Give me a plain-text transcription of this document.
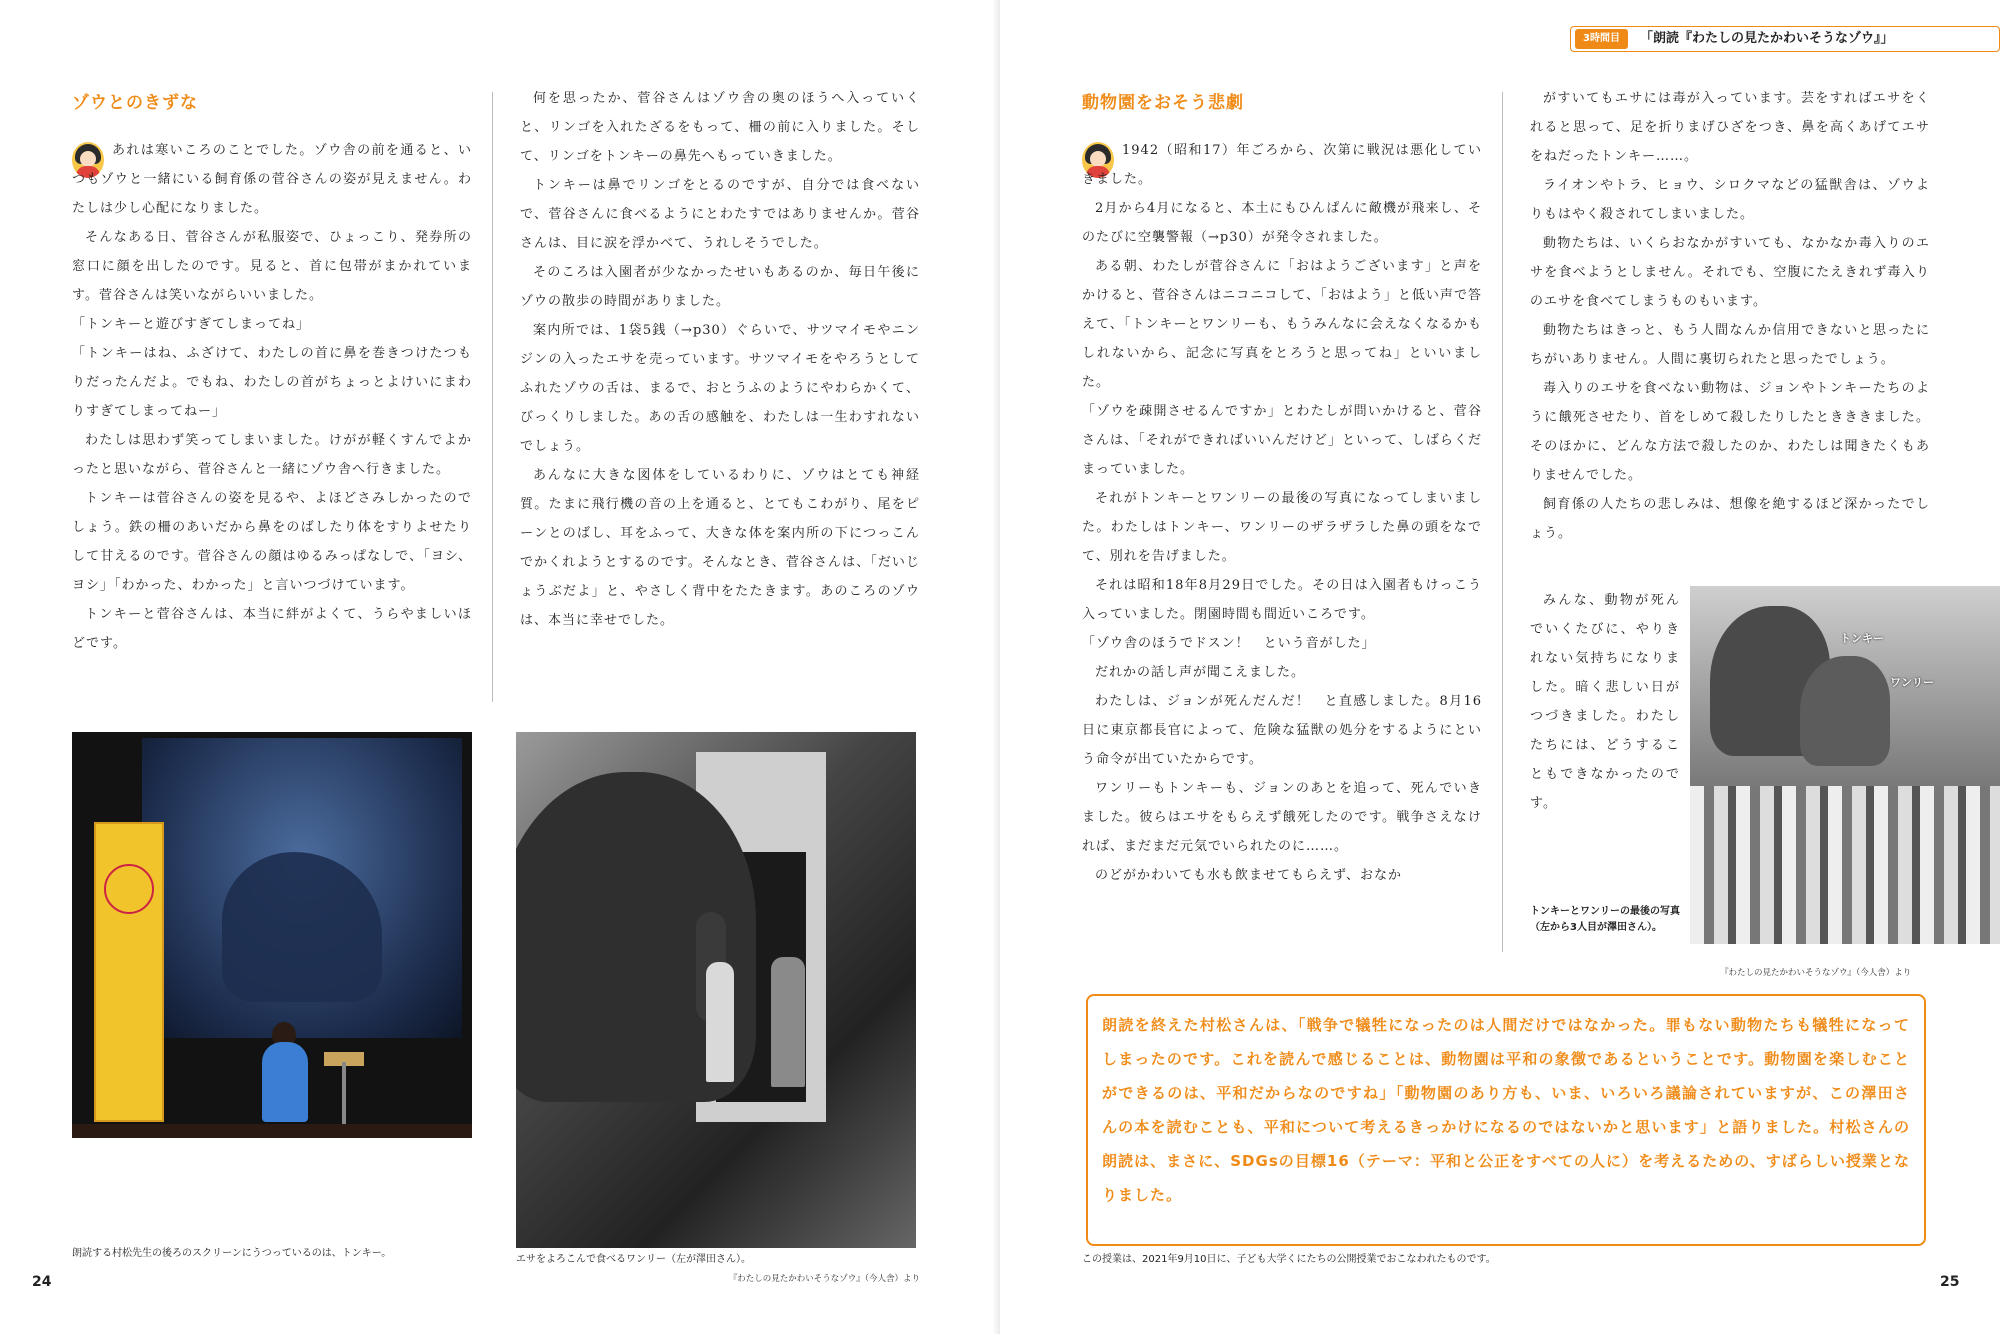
ゾウとのきずな

あれは寒いころのことでした。ゾウ舎の前を通ると、いつもゾウと一緒にいる飼育係の菅谷さんの姿が見えません。わたしは少し心配になりました。

そんなある日、菅谷さんが私服姿で、ひょっこり、発券所の窓口に顔を出したのです。見ると、首に包帯がまかれています。菅谷さんは笑いながらいいました。

「トンキーと遊びすぎてしまってね」

「トンキーはね、ふざけて、わたしの首に鼻を巻きつけたつもりだったんだよ。でもね、わたしの首がちょっとよけいにまわりすぎてしまってねー」

わたしは思わず笑ってしまいました。けがが軽くすんでよかったと思いながら、菅谷さんと一緒にゾウ舎へ行きました。

トンキーは菅谷さんの姿を見るや、よほどさみしかったのでしょう。鉄の柵のあいだから鼻をのばしたり体をすりよせたりして甘えるのです。菅谷さんの顔はゆるみっぱなしで、「ヨシ、ヨシ」「わかった、わかった」と言いつづけています。

トンキーと菅谷さんは、本当に絆がよくて、うらやましいほどです。

何を思ったか、菅谷さんはゾウ舎の奥のほうへ入っていくと、リンゴを入れたざるをもって、柵の前に入りました。そして、リンゴをトンキーの鼻先へもっていきました。

トンキーは鼻でリンゴをとるのですが、自分では食べないで、菅谷さんに食べるようにとわたすではありませんか。菅谷さんは、目に涙を浮かべて、うれしそうでした。

そのころは入園者が少なかったせいもあるのか、毎日午後にゾウの散歩の時間がありました。

案内所では、1袋5銭（→p30）ぐらいで、サツマイモやニンジンの入ったエサを売っています。サツマイモをやろうとしてふれたゾウの舌は、まるで、おとうふのようにやわらかくて、びっくりしました。あの舌の感触を、わたしは一生わすれないでしょう。

あんなに大きな図体をしているわりに、ゾウはとても神経質。たまに飛行機の音の上を通ると、とてもこわがり、尾をピーンとのばし、耳をふって、大きな体を案内所の下につっこんでかくれようとするのです。そんなとき、菅谷さんは、「だいじょうぶだよ」と、やさしく背中をたたきます。あのころのゾウは、本当に幸せでした。

朗読する村松先生の後ろのスクリーンにうつっているのは、トンキー。
エサをよろこんで食べるワンリー（左が澤田さん）。
『わたしの見たかわいそうなゾウ』（今人舎）より
24
3時間目	「朗読『わたしの見たかわいそうなゾウ』」
動物園をおそう悲劇

1942（昭和17）年ごろから、次第に戦況は悪化していきました。

2月から4月になると、本土にもひんぱんに敵機が飛来し、そのたびに空襲警報（→p30）が発令されました。

ある朝、わたしが菅谷さんに「おはようございます」と声をかけると、菅谷さんはニコニコして、「おはよう」と低い声で答えて、「トンキーとワンリーも、もうみんなに会えなくなるかもしれないから、記念に写真をとろうと思ってね」といいました。

「ゾウを疎開させるんですか」とわたしが問いかけると、菅谷さんは、「それができればいいんだけど」といって、しばらくだまっていました。

それがトンキーとワンリーの最後の写真になってしまいました。わたしはトンキー、ワンリーのザラザラした鼻の頭をなでて、別れを告げました。

それは昭和18年8月29日でした。その日は入園者もけっこう入っていました。閉園時間も間近いころです。

「ゾウ舎のほうでドスン！　という音がした」

だれかの話し声が聞こえました。

わたしは、ジョンが死んだんだ！　と直感しました。8月16日に東京都長官によって、危険な猛獣の処分をするようにという命令が出ていたからです。

ワンリーもトンキーも、ジョンのあとを追って、死んでいきました。彼らはエサをもらえず餓死したのです。戦争さえなければ、まだまだ元気でいられたのに……。

のどがかわいても水も飲ませてもらえず、おなか

がすいてもエサには毒が入っています。芸をすればエサをくれると思って、足を折りまげひざをつき、鼻を高くあげてエサをねだったトンキー……。

ライオンやトラ、ヒョウ、シロクマなどの猛獣舎は、ゾウよりもはやく殺されてしまいました。

動物たちは、いくらおなかがすいても、なかなか毒入りのエサを食べようとしません。それでも、空腹にたえきれず毒入りのエサを食べてしまうものもいます。

動物たちはきっと、もう人間なんか信用できないと思ったにちがいありません。人間に裏切られたと思ったでしょう。

毒入りのエサを食べない動物は、ジョンやトンキーたちのように餓死させたり、首をしめて殺したりしたときききました。そのほかに、どんな方法で殺したのか、わたしは聞きたくもありませんでした。

飼育係の人たちの悲しみは、想像を絶するほど深かったでしょう。

みんな、動物が死んでいくたびに、やりきれない気持ちになりました。暗く悲しい日がつづきました。わたしたちには、どうすることもできなかったのです。

トンキー
ワンリー
トンキーとワンリーの最後の写真（左から3人目が澤田さん）。
『わたしの見たかわいそうなゾウ』（今人舎）より

朗読を終えた村松さんは、「戦争で犠牲になったのは人間だけではなかった。罪もない動物たちも犠牲になってしまったのです。これを読んで感じることは、動物園は平和の象徴であるということです。動物園を楽しむことができるのは、平和だからなのですね」「動物園のあり方も、いま、いろいろ議論されていますが、この澤田さんの本を読むことも、平和について考えるきっかけになるのではないかと思います」と語りました。村松さんの朗読は、まさに、SDGsの目標16（テーマ：平和と公正をすべての人に）を考えるための、すばらしい授業となりました。

この授業は、2021年9月10日に、子ども大学くにたちの公開授業でおこなわれたものです。
25
